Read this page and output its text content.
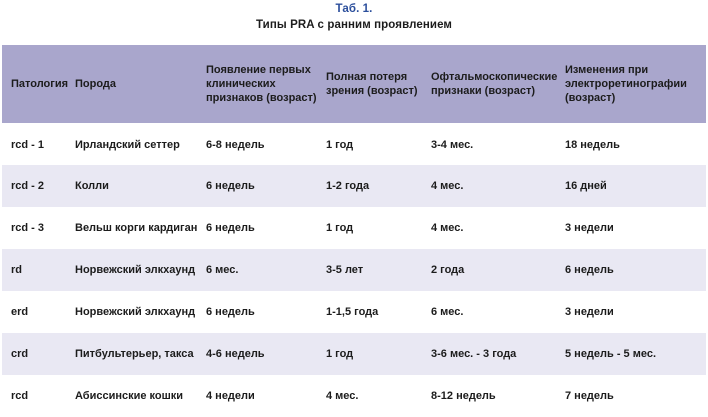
Таб. 1.
Типы PRA с ранним проявлением
Патология	Порода	Появление первых клинических признаков (возраст)	Полная потеря зрения (возраст)	Офтальмоскопические признаки (возраст)	Изменения при электроретинографии (возраст)
rcd - 1	Ирландский сеттер	6-8 недель	1 год	3-4 мес.	18 недель
rcd - 2	Колли	6 недель	1-2 года	4 мес.	16 дней
rcd - 3	Вельш корги кардиган	6 недель	1 год	4 мес.	3 недели
rd	Норвежский элкхаунд	6 мес.	3-5 лет	2 года	6 недель
erd	Норвежский элкхаунд	6 недель	1-1,5 года	6 мес.	3 недели
crd	Питбультерьер, такса	4-6 недель	1 год	3-6 мес. - 3 года	5 недель - 5 мес.
rcd	Абиссинские кошки	4 недели	4 мес.	8-12 недель	7 недель
